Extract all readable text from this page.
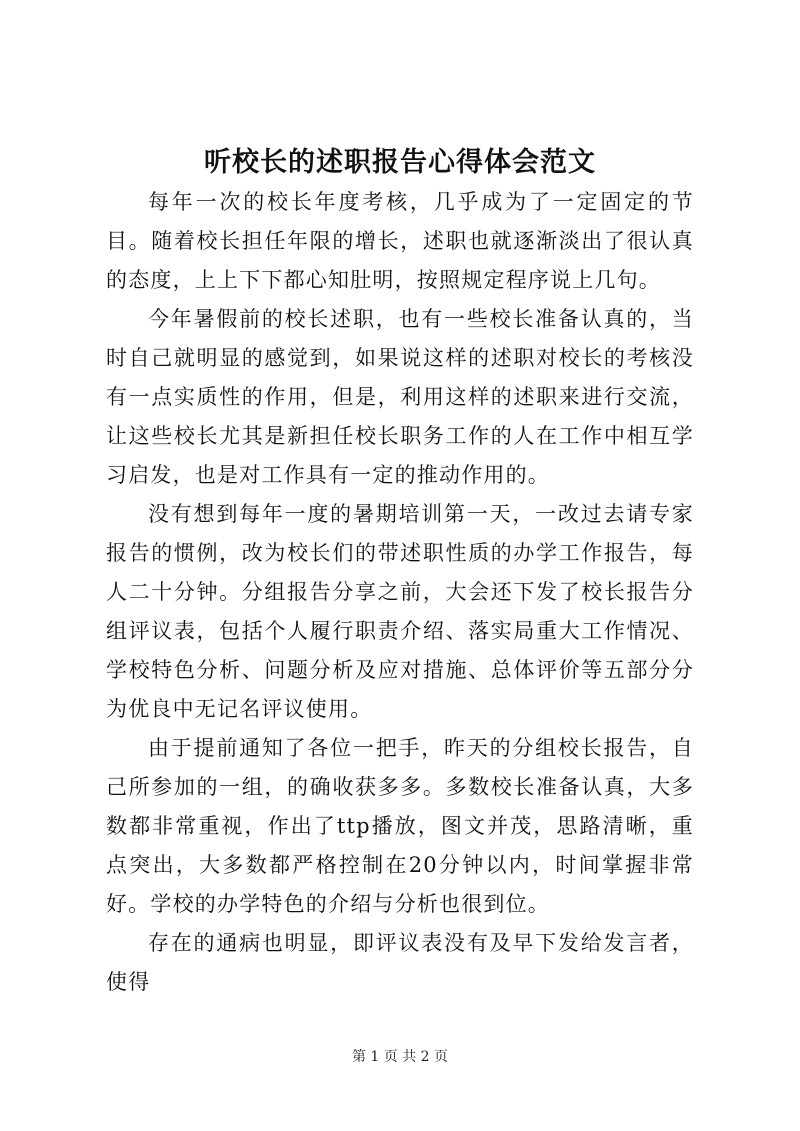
听校长的述职报告心得体会范文

每年一次的校长年度考核，几乎成为了一定固定的节目。随着校长担任年限的增长，述职也就逐渐淡出了很认真的态度，上上下下都心知肚明，按照规定程序说上几句。

今年暑假前的校长述职，也有一些校长准备认真的，当时自己就明显的感觉到，如果说这样的述职对校长的考核没有一点实质性的作用，但是，利用这样的述职来进行交流，让这些校长尤其是新担任校长职务工作的人在工作中相互学习启发，也是对工作具有一定的推动作用的。

没有想到每年一度的暑期培训第一天，一改过去请专家报告的惯例，改为校长们的带述职性质的办学工作报告，每人二十分钟。分组报告分享之前，大会还下发了校长报告分组评议表，包括个人履行职责介绍、落实局重大工作情况、学校特色分析、问题分析及应对措施、总体评价等五部分分为优良中无记名评议使用。

由于提前通知了各位一把手，昨天的分组校长报告，自己所参加的一组，的确收获多多。多数校长准备认真，大多数都非常重视，作出了ttp播放，图文并茂，思路清晰，重点突出，大多数都严格控制在20分钟以内，时间掌握非常好。学校的办学特色的介绍与分析也很到位。

存在的通病也明显，即评议表没有及早下发给发言者，使得

第 1 页 共 2 页
